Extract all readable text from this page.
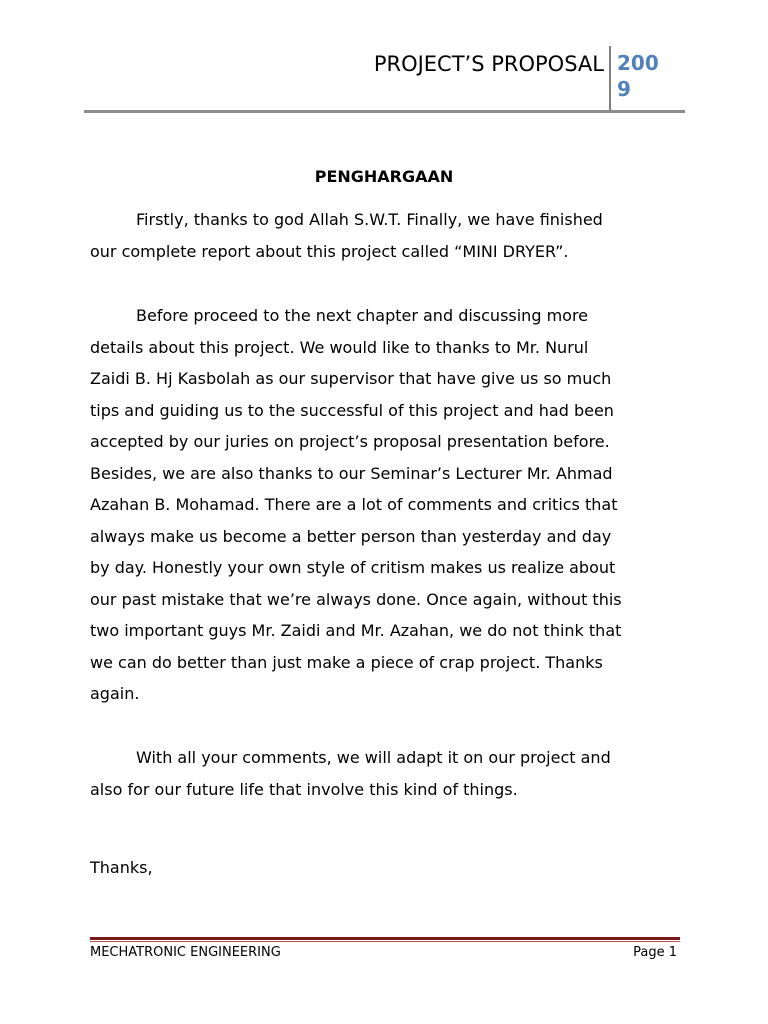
PROJECT’S PROPOSAL 200
9
PENGHARGAAN
Firstly, thanks to god Allah S.W.T. Finally, we have finished
our complete report about this project called “MINI DRYER”.
Before proceed to the next chapter and discussing more
details about this project. We would like to thanks to Mr. Nurul
Zaidi B. Hj Kasbolah as our supervisor that have give us so much
tips and guiding us to the successful of this project and had been
accepted by our juries on project’s proposal presentation before.
Besides, we are also thanks to our Seminar’s Lecturer Mr. Ahmad
Azahan B. Mohamad. There are a lot of comments and critics that
always make us become a better person than yesterday and day
by day. Honestly your own style of critism makes us realize about
our past mistake that we’re always done. Once again, without this
two important guys Mr. Zaidi and Mr. Azahan, we do not think that
we can do better than just make a piece of crap project. Thanks
again.
With all your comments, we will adapt it on our project and
also for our future life that involve this kind of things.
Thanks,
MECHATRONIC ENGINEERING	Page 1
